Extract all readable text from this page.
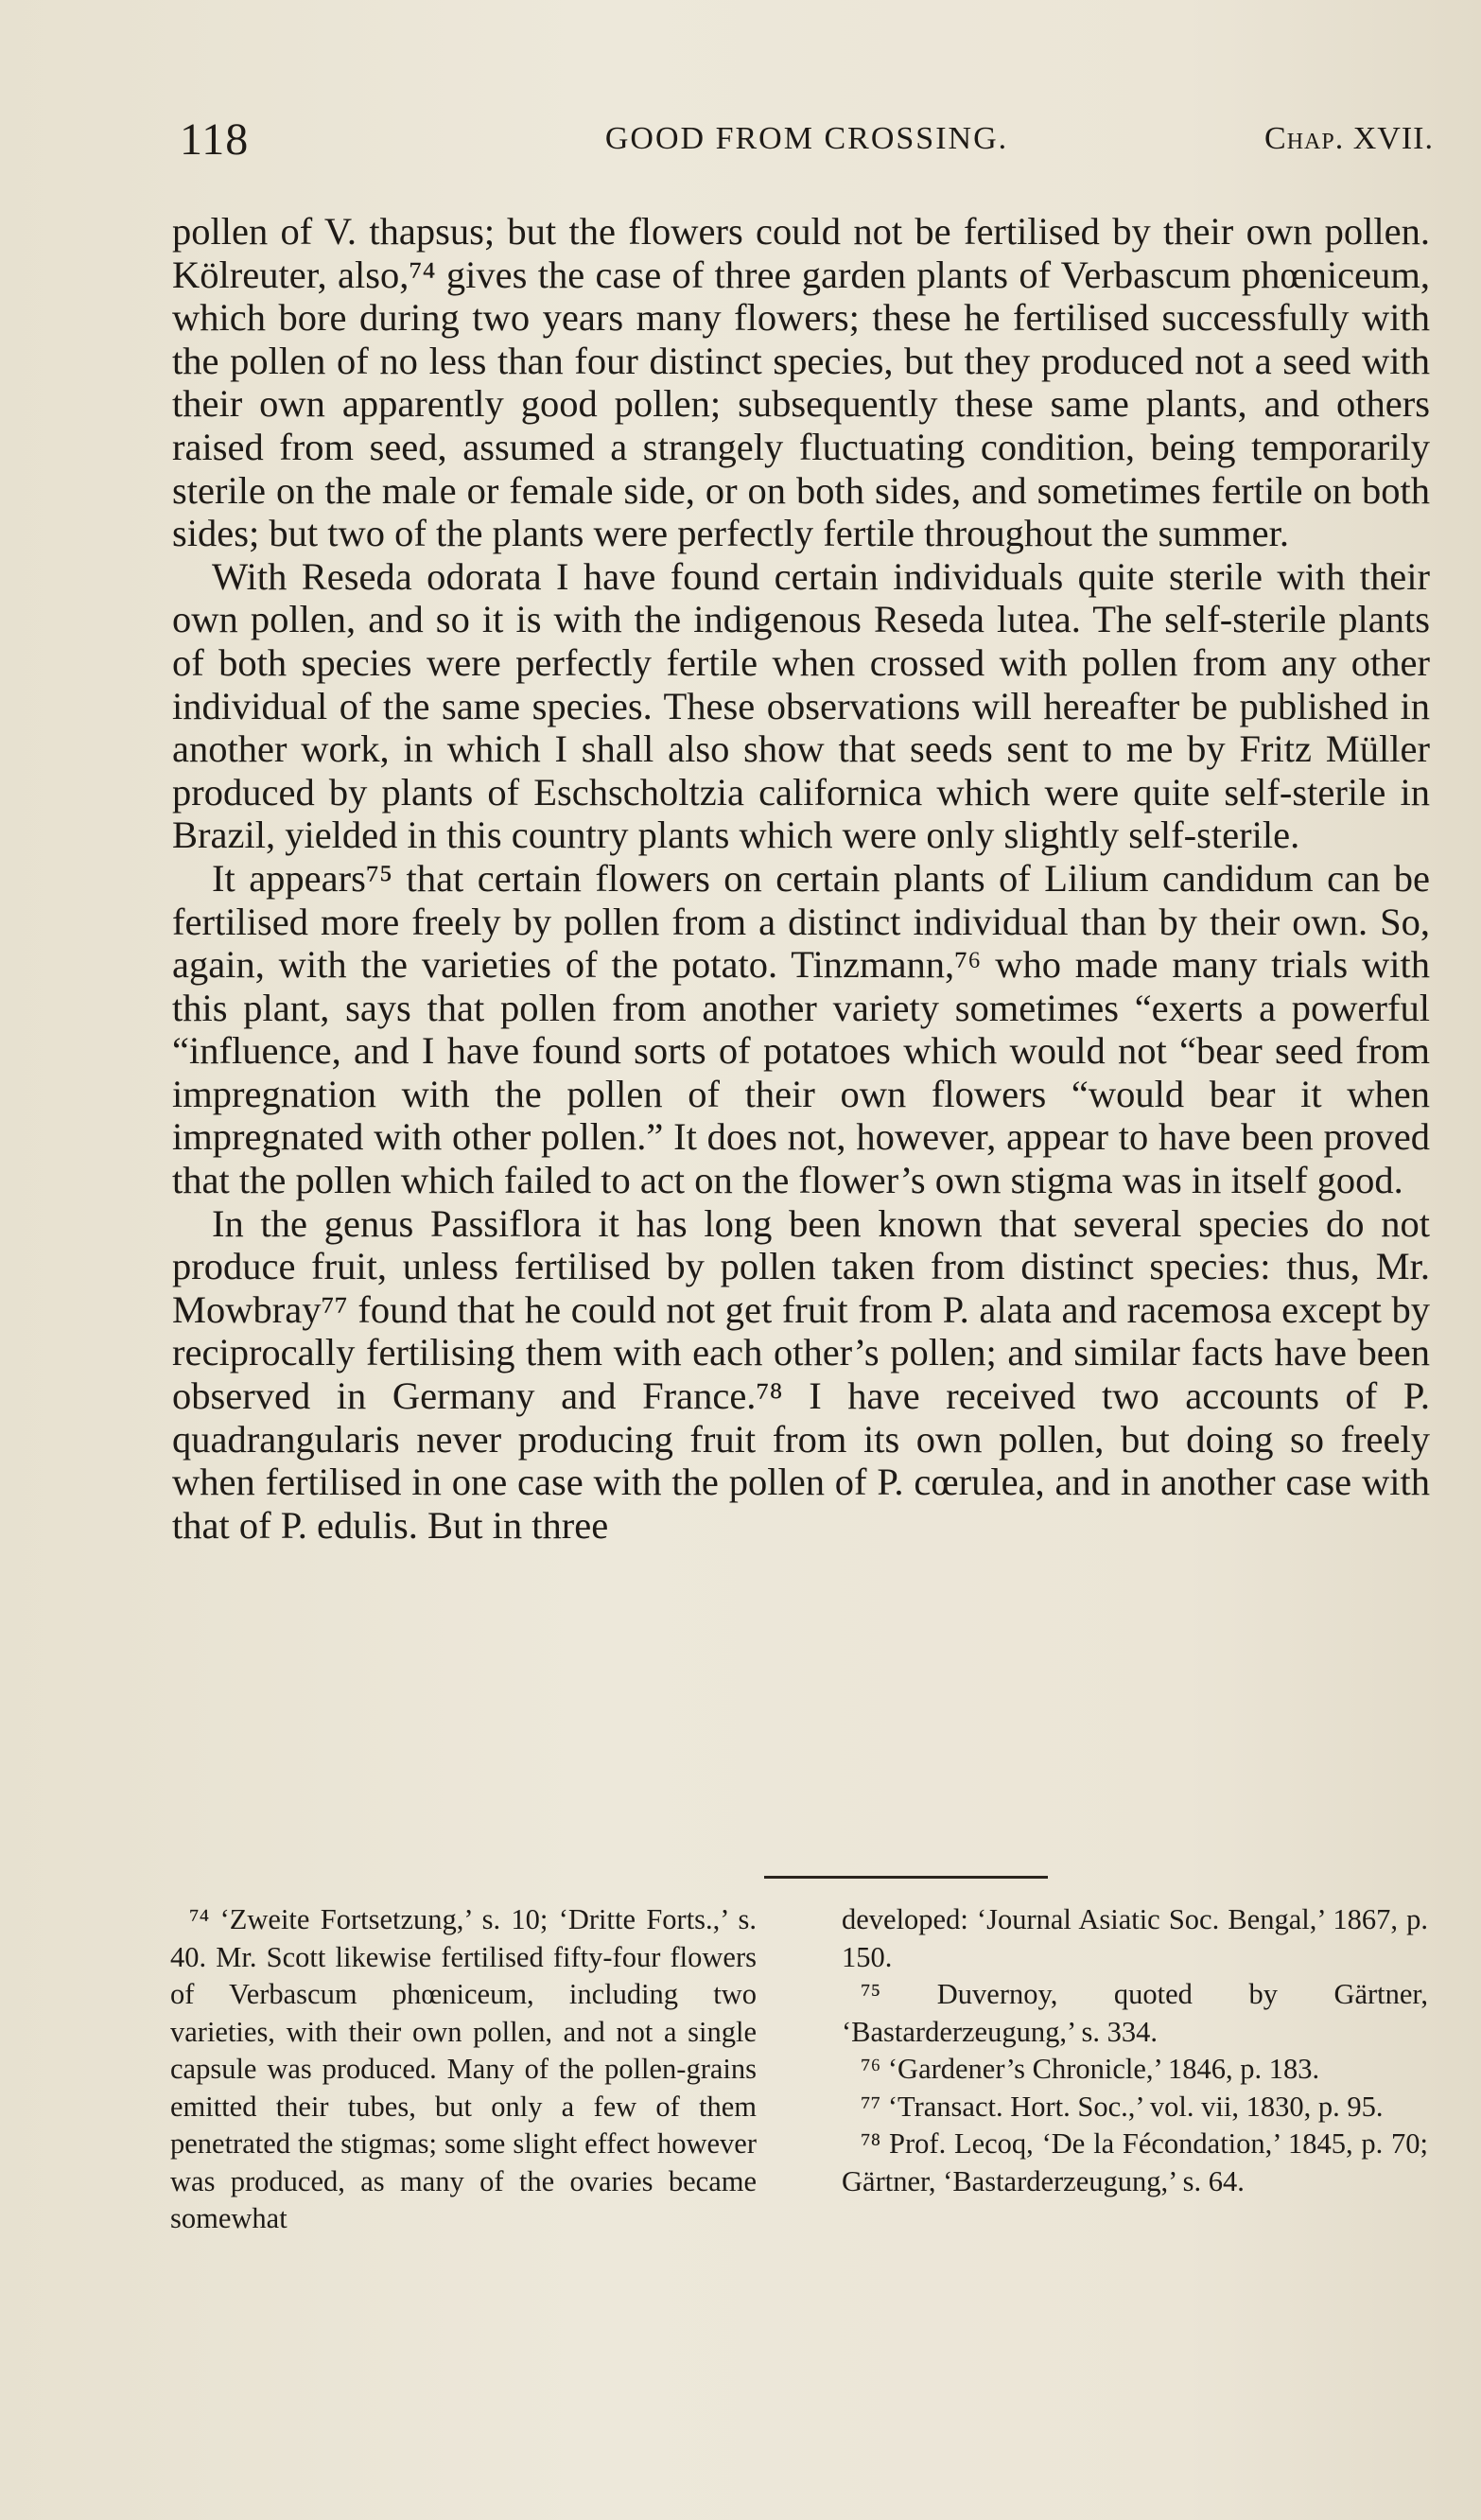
118	GOOD FROM CROSSING.	Chap. XVII.

pollen of V. thapsus; but the flowers could not be fertilised by their own pollen. Kölreuter, also,⁷⁴ gives the case of three garden plants of Verbascum phœniceum, which bore during two years many flowers; these he fertilised successfully with the pollen of no less than four distinct species, but they produced not a seed with their own apparently good pollen; subsequently these same plants, and others raised from seed, assumed a strangely fluctuating condition, being temporarily sterile on the male or female side, or on both sides, and sometimes fertile on both sides; but two of the plants were perfectly fertile throughout the summer.

With Reseda odorata I have found certain individuals quite sterile with their own pollen, and so it is with the indigenous Reseda lutea. The self-sterile plants of both species were perfectly fertile when crossed with pollen from any other individual of the same species. These observations will hereafter be published in another work, in which I shall also show that seeds sent to me by Fritz Müller produced by plants of Eschscholtzia californica which were quite self-sterile in Brazil, yielded in this country plants which were only slightly self-sterile.

It appears⁷⁵ that certain flowers on certain plants of Lilium candidum can be fertilised more freely by pollen from a distinct individual than by their own. So, again, with the varieties of the potato. Tinzmann,⁷⁶ who made many trials with this plant, says that pollen from another variety sometimes “exerts a powerful “influence, and I have found sorts of potatoes which would not “bear seed from impregnation with the pollen of their own flowers “would bear it when impregnated with other pollen.” It does not, however, appear to have been proved that the pollen which failed to act on the flower’s own stigma was in itself good.

In the genus Passiflora it has long been known that several species do not produce fruit, unless fertilised by pollen taken from distinct species: thus, Mr. Mowbray⁷⁷ found that he could not get fruit from P. alata and racemosa except by reciprocally fertilising them with each other’s pollen; and similar facts have been observed in Germany and France.⁷⁸ I have received two accounts of P. quadrangularis never producing fruit from its own pollen, but doing so freely when fertilised in one case with the pollen of P. cœrulea, and in another case with that of P. edulis. But in three

⁷⁴ ‘Zweite Fortsetzung,’ s. 10; ‘Dritte Forts.,’ s. 40. Mr. Scott likewise fertilised fifty-four flowers of Verbascum phœniceum, including two varieties, with their own pollen, and not a single capsule was produced. Many of the pollen-grains emitted their tubes, but only a few of them penetrated the stigmas; some slight effect however was produced, as many of the ovaries became somewhat

developed: ‘Journal Asiatic Soc. Bengal,’ 1867, p. 150.

⁷⁵ Duvernoy, quoted by Gärtner, ‘Bastarderzeugung,’ s. 334.

⁷⁶ ‘Gardener’s Chronicle,’ 1846, p. 183.

⁷⁷ ‘Transact. Hort. Soc.,’ vol. vii, 1830, p. 95.

⁷⁸ Prof. Lecoq, ‘De la Fécondation,’ 1845, p. 70; Gärtner, ‘Bastarderzeugung,’ s. 64.
